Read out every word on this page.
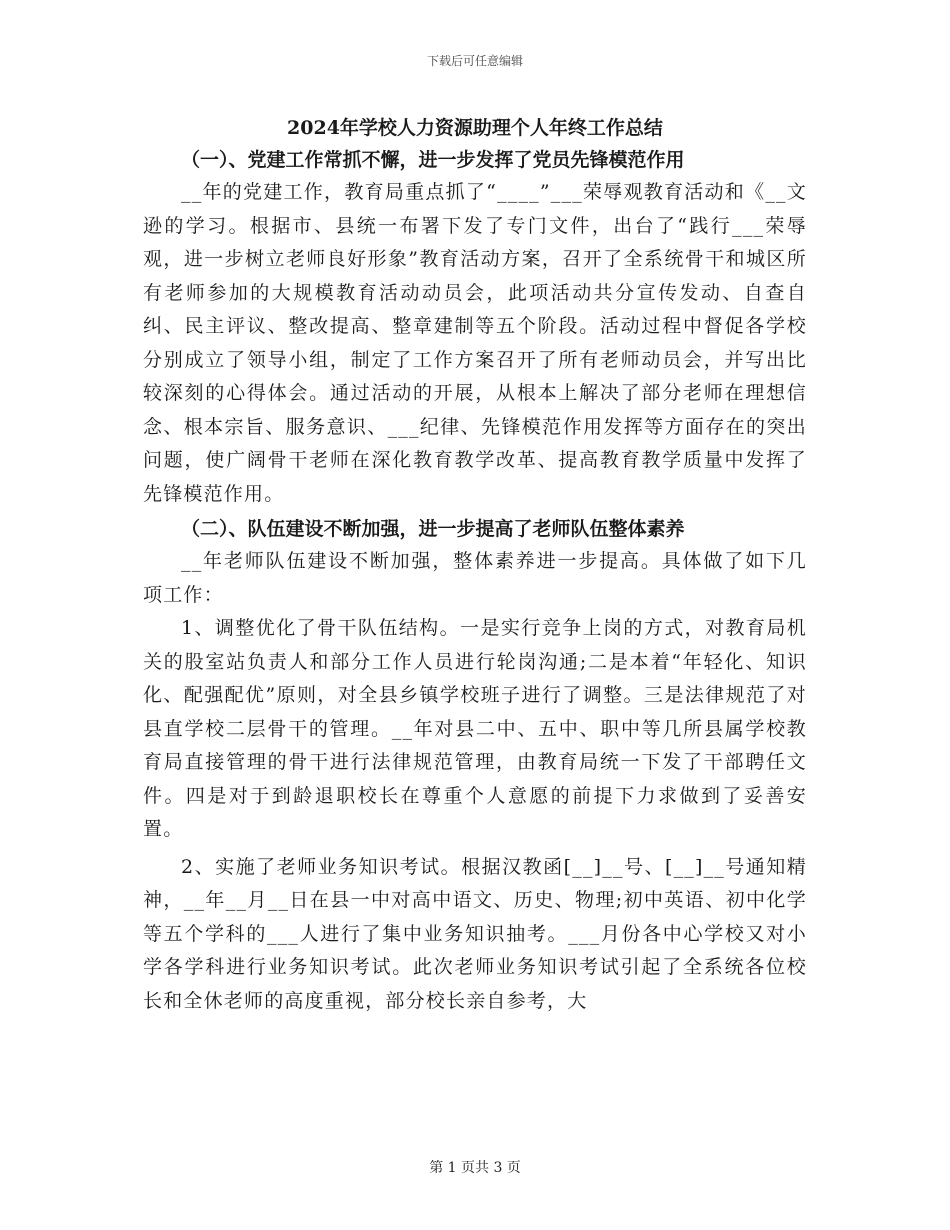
下载后可任意编辑
2024年学校人力资源助理个人年终工作总结
（一）、党建工作常抓不懈，进一步发挥了党员先锋模范作用

__年的党建工作，教育局重点抓了“____”___荣辱观教育活动和《__文逊的学习。根据市、县统一布署下发了专门文件，出台了“践行___荣辱观，进一步树立老师良好形象”教育活动方案，召开了全系统骨干和城区所有老师参加的大规模教育活动动员会，此项活动共分宣传发动、自查自纠、民主评议、整改提高、整章建制等五个阶段。活动过程中督促各学校分别成立了领导小组，制定了工作方案召开了所有老师动员会，并写出比较深刻的心得体会。通过活动的开展，从根本上解决了部分老师在理想信念、根本宗旨、服务意识、___纪律、先锋模范作用发挥等方面存在的突出问题，使广阔骨干老师在深化教育教学改革、提高教育教学质量中发挥了先锋模范作用。

（二）、队伍建设不断加强，进一步提高了老师队伍整体素养

__年老师队伍建设不断加强，整体素养进一步提高。具体做了如下几项工作：

1、调整优化了骨干队伍结构。一是实行竞争上岗的方式，对教育局机关的股室站负责人和部分工作人员进行轮岗沟通;二是本着“年轻化、知识化、配强配优”原则，对全县乡镇学校班子进行了调整。三是法律规范了对县直学校二层骨干的管理。__年对县二中、五中、职中等几所县属学校教育局直接管理的骨干进行法律规范管理，由教育局统一下发了干部聘任文件。四是对于到龄退职校长在尊重个人意愿的前提下力求做到了妥善安置。

2、实施了老师业务知识考试。根据汉教函[__]__号、[__]__号通知精神，__年__月__日在县一中对高中语文、历史、物理;初中英语、初中化学等五个学科的___人进行了集中业务知识抽考。___月份各中心学校又对小学各学科进行业务知识考试。此次老师业务知识考试引起了全系统各位校长和全休老师的高度重视，部分校长亲自参考，大

第 1 页共 3 页
